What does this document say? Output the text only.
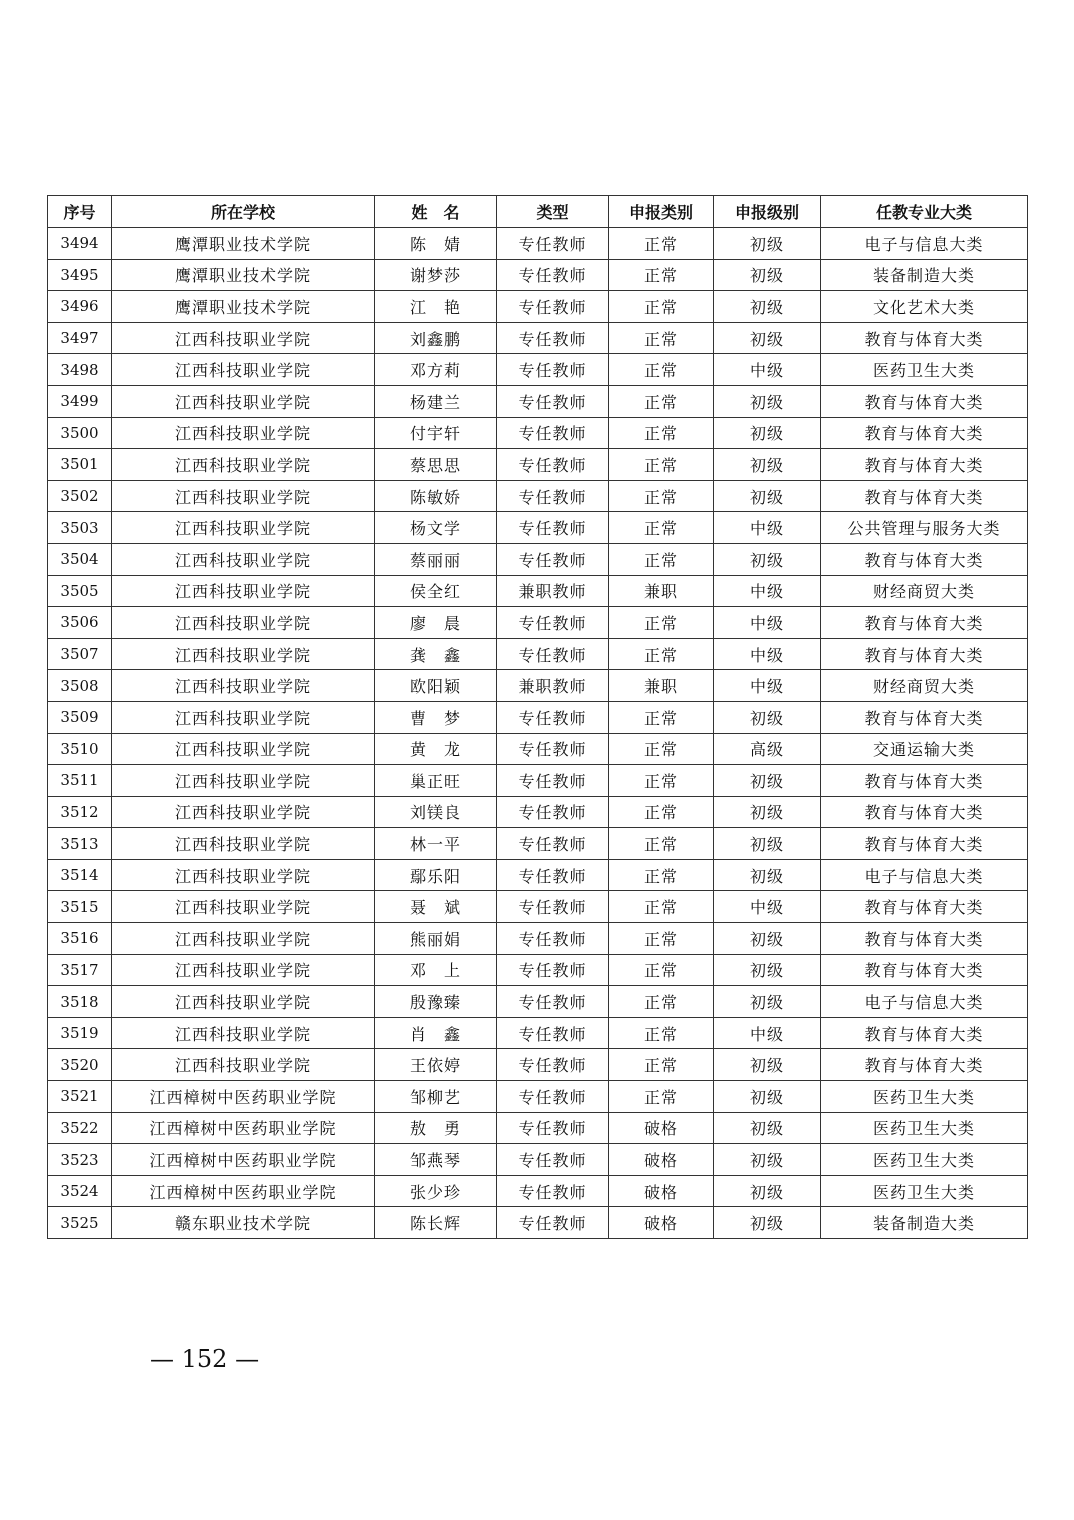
序号	所在学校	姓　名	类型	申报类别	申报级别	任教专业大类
3494	鹰潭职业技术学院	陈　婧	专任教师	正常	初级	电子与信息大类
3495	鹰潭职业技术学院	谢梦莎	专任教师	正常	初级	装备制造大类
3496	鹰潭职业技术学院	江　艳	专任教师	正常	初级	文化艺术大类
3497	江西科技职业学院	刘鑫鹏	专任教师	正常	初级	教育与体育大类
3498	江西科技职业学院	邓方莉	专任教师	正常	中级	医药卫生大类
3499	江西科技职业学院	杨建兰	专任教师	正常	初级	教育与体育大类
3500	江西科技职业学院	付宇轩	专任教师	正常	初级	教育与体育大类
3501	江西科技职业学院	蔡思思	专任教师	正常	初级	教育与体育大类
3502	江西科技职业学院	陈敏娇	专任教师	正常	初级	教育与体育大类
3503	江西科技职业学院	杨文学	专任教师	正常	中级	公共管理与服务大类
3504	江西科技职业学院	蔡丽丽	专任教师	正常	初级	教育与体育大类
3505	江西科技职业学院	侯全红	兼职教师	兼职	中级	财经商贸大类
3506	江西科技职业学院	廖　晨	专任教师	正常	中级	教育与体育大类
3507	江西科技职业学院	龚　鑫	专任教师	正常	中级	教育与体育大类
3508	江西科技职业学院	欧阳颖	兼职教师	兼职	中级	财经商贸大类
3509	江西科技职业学院	曹　梦	专任教师	正常	初级	教育与体育大类
3510	江西科技职业学院	黄　龙	专任教师	正常	高级	交通运输大类
3511	江西科技职业学院	巢正旺	专任教师	正常	初级	教育与体育大类
3512	江西科技职业学院	刘镁良	专任教师	正常	初级	教育与体育大类
3513	江西科技职业学院	林一平	专任教师	正常	初级	教育与体育大类
3514	江西科技职业学院	鄢乐阳	专任教师	正常	初级	电子与信息大类
3515	江西科技职业学院	聂　斌	专任教师	正常	中级	教育与体育大类
3516	江西科技职业学院	熊丽娟	专任教师	正常	初级	教育与体育大类
3517	江西科技职业学院	邓　上	专任教师	正常	初级	教育与体育大类
3518	江西科技职业学院	殷豫臻	专任教师	正常	初级	电子与信息大类
3519	江西科技职业学院	肖　鑫	专任教师	正常	中级	教育与体育大类
3520	江西科技职业学院	王依婷	专任教师	正常	初级	教育与体育大类
3521	江西樟树中医药职业学院	邹柳艺	专任教师	正常	初级	医药卫生大类
3522	江西樟树中医药职业学院	敖　勇	专任教师	破格	初级	医药卫生大类
3523	江西樟树中医药职业学院	邹燕琴	专任教师	破格	初级	医药卫生大类
3524	江西樟树中医药职业学院	张少珍	专任教师	破格	初级	医药卫生大类
3525	赣东职业技术学院	陈长辉	专任教师	破格	初级	装备制造大类
— 152 —
